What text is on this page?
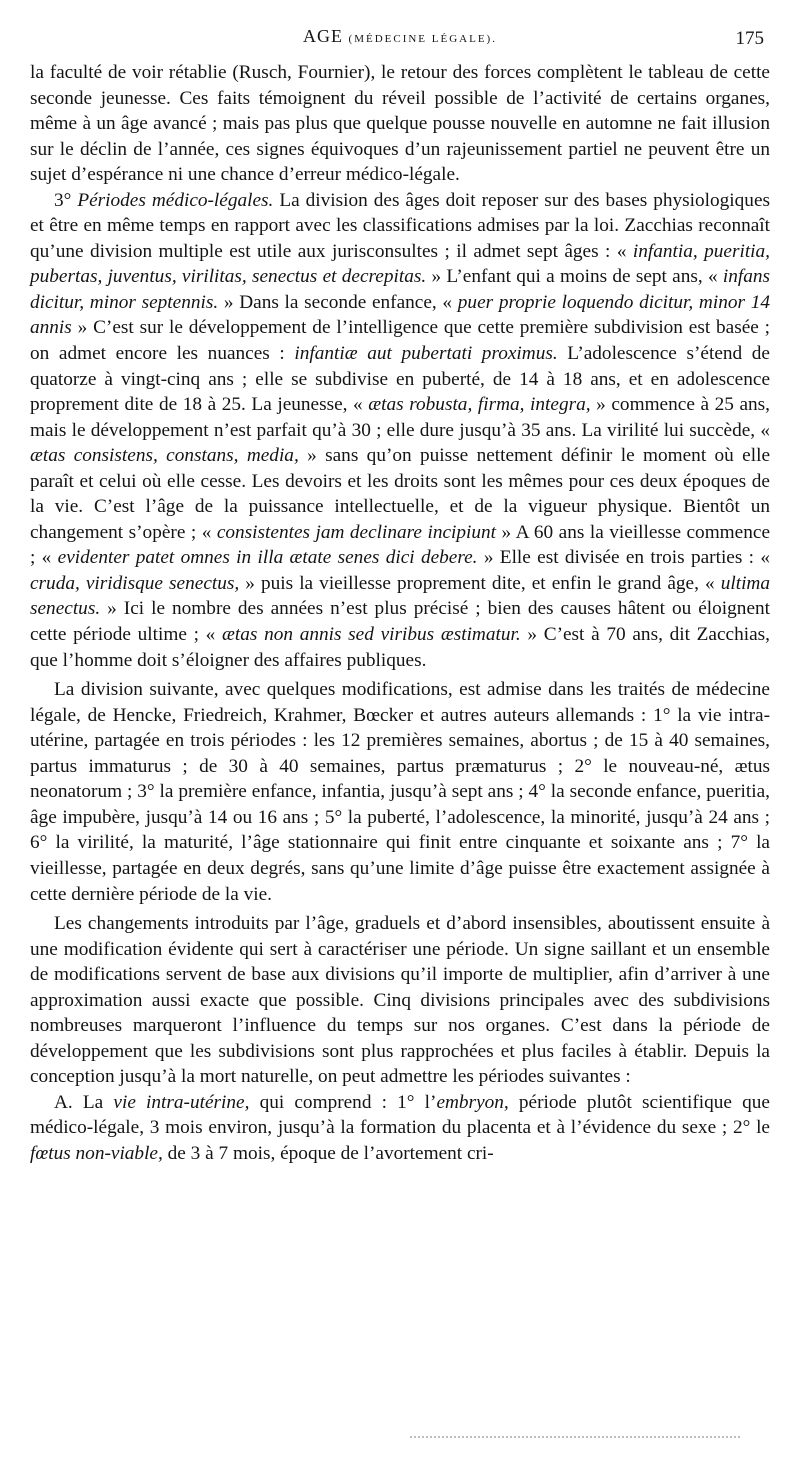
AGE (MÉDECINE LÉGALE).	175

la faculté de voir rétablie (Rusch, Fournier), le retour des forces complètent le tableau de cette seconde jeunesse. Ces faits témoignent du réveil possible de l’activité de certains organes, même à un âge avancé ; mais pas plus que quelque pousse nouvelle en automne ne fait illusion sur le déclin de l’année, ces signes équivoques d’un rajeunissement partiel ne peuvent être un sujet d’espérance ni une chance d’erreur médico-légale.

3° Périodes médico-légales. La division des âges doit reposer sur des bases physiologiques et être en même temps en rapport avec les classifications admises par la loi. Zacchias reconnaît qu’une division multiple est utile aux jurisconsultes ; il admet sept âges : « infantia, pueritia, pubertas, juventus, virilitas, senectus et decrepitas. » L’enfant qui a moins de sept ans, « infans dicitur, minor septennis. » Dans la seconde enfance, « puer proprie loquendo dicitur, minor 14 annis » C’est sur le développement de l’intelligence que cette première subdivision est basée ; on admet encore les nuances : infantiæ aut pubertati proximus. L’adolescence s’étend de quatorze à vingt-cinq ans ; elle se subdivise en puberté, de 14 à 18 ans, et en adolescence proprement dite de 18 à 25. La jeunesse, « ætas robusta, firma, integra, » commence à 25 ans, mais le développement n’est parfait qu’à 30 ; elle dure jusqu’à 35 ans. La virilité lui succède, « ætas consistens, constans, media, » sans qu’on puisse nettement définir le moment où elle paraît et celui où elle cesse. Les devoirs et les droits sont les mêmes pour ces deux époques de la vie. C’est l’âge de la puissance intellectuelle, et de la vigueur physique. Bientôt un changement s’opère ; « consistentes jam declinare incipiunt » A 60 ans la vieillesse commence ; « evidenter patet omnes in illa ætate senes dici debere. » Elle est divisée en trois parties : « cruda, viridisque senectus, » puis la vieillesse proprement dite, et enfin le grand âge, « ultima senectus. » Ici le nombre des années n’est plus précisé ; bien des causes hâtent ou éloignent cette période ultime ; « ætas non annis sed viribus æstimatur. » C’est à 70 ans, dit Zacchias, que l’homme doit s’éloigner des affaires publiques.

La division suivante, avec quelques modifications, est admise dans les traités de médecine légale, de Hencke, Friedreich, Krahmer, Bœcker et autres auteurs allemands : 1° la vie intra-utérine, partagée en trois périodes : les 12 premières semaines, abortus ; de 15 à 40 semaines, partus immaturus ; de 30 à 40 semaines, partus præmaturus ; 2° le nouveau-né, ætus neonatorum ; 3° la première enfance, infantia, jusqu’à sept ans ; 4° la seconde enfance, pueritia, âge impubère, jusqu’à 14 ou 16 ans ; 5° la puberté, l’adolescence, la minorité, jusqu’à 24 ans ; 6° la virilité, la maturité, l’âge stationnaire qui finit entre cinquante et soixante ans ; 7° la vieillesse, partagée en deux degrés, sans qu’une limite d’âge puisse être exactement assignée à cette dernière période de la vie.

Les changements introduits par l’âge, graduels et d’abord insensibles, aboutissent ensuite à une modification évidente qui sert à caractériser une période. Un signe saillant et un ensemble de modifications servent de base aux divisions qu’il importe de multiplier, afin d’arriver à une approximation aussi exacte que possible. Cinq divisions principales avec des subdivisions nombreuses marqueront l’influence du temps sur nos organes. C’est dans la période de développement que les subdivisions sont plus rapprochées et plus faciles à établir. Depuis la conception jusqu’à la mort naturelle, on peut admettre les périodes suivantes :

A. La vie intra-utérine, qui comprend : 1° l’embryon, période plutôt scientifique que médico-légale, 3 mois environ, jusqu’à la formation du placenta et à l’évidence du sexe ; 2° le fœtus non-viable, de 3 à 7 mois, époque de l’avortement cri-
